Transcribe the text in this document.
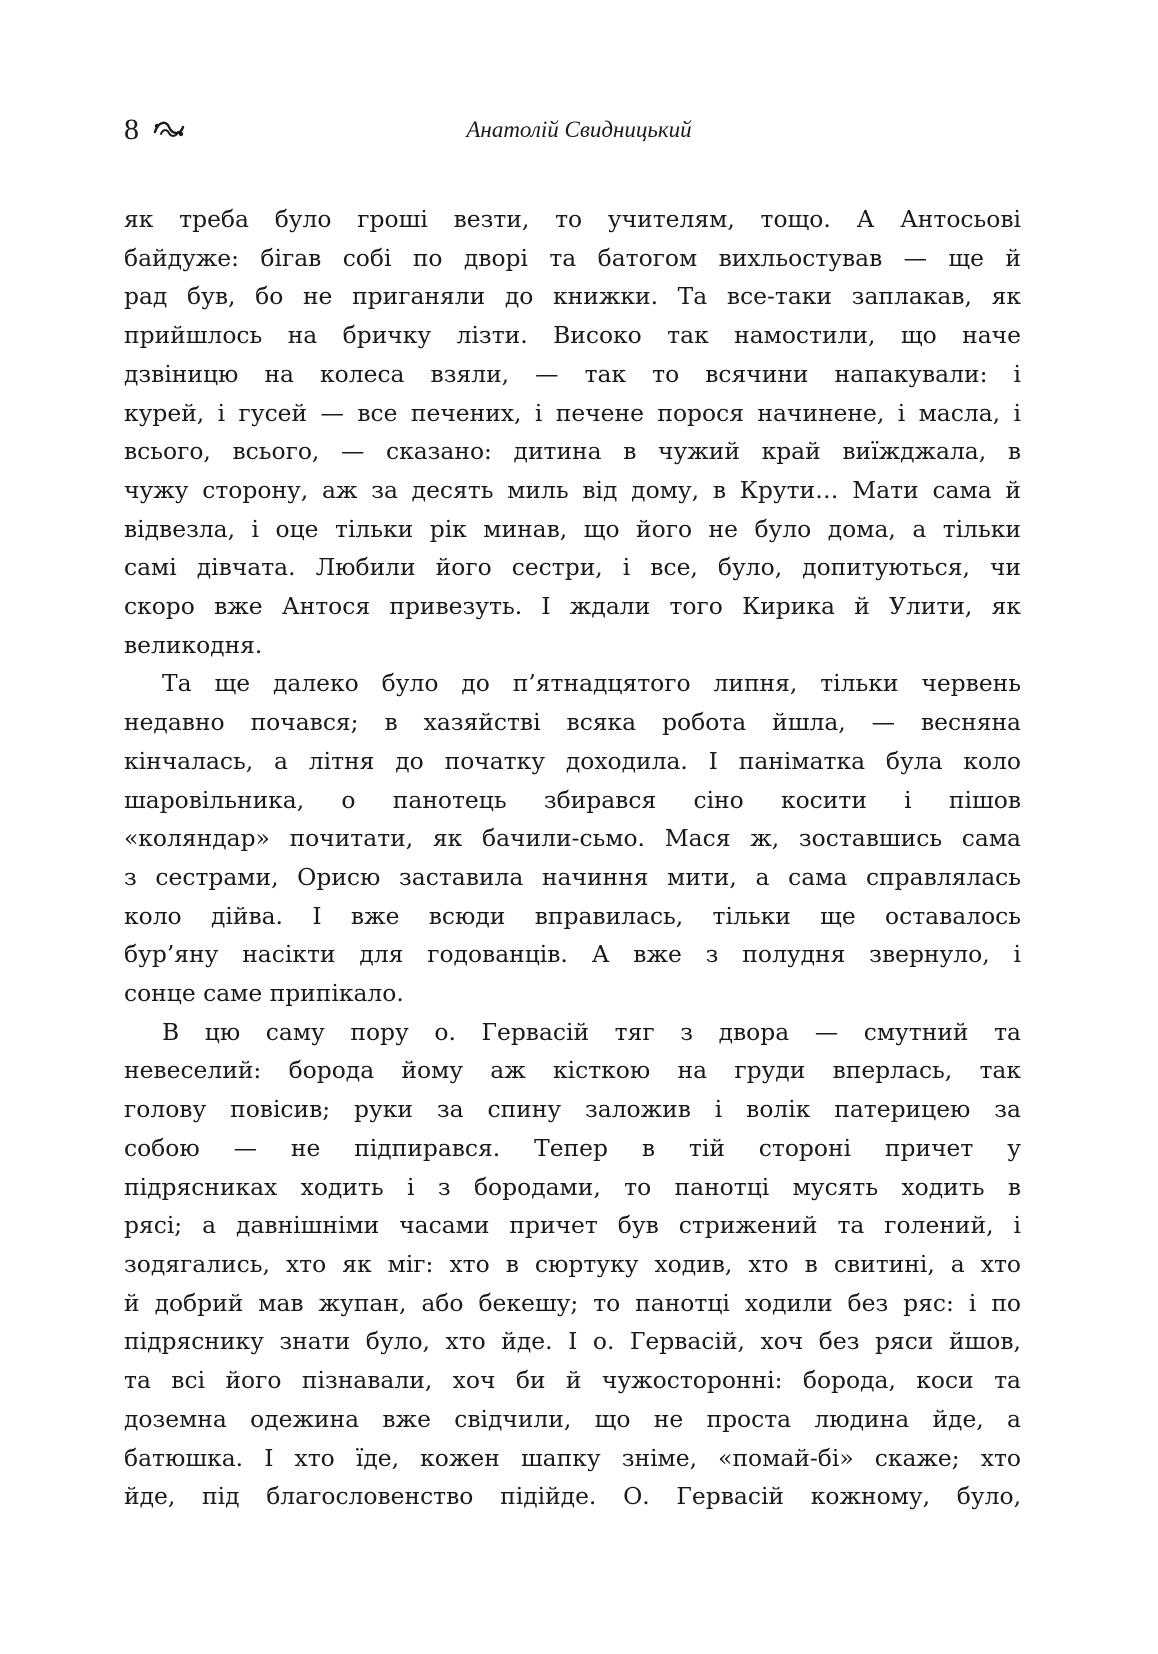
8	Анатолій Свидницький

як треба було гроші везти, то учителям, тощо. А Антосьові
байдуже: бігав собі по дворі та батогом вихльостував — ще й
рад був, бо не приганяли до книжки. Та все-таки заплакав, як
прийшлось на бричку лізти. Високо так намостили, що наче
дзвіницю на колеса взяли, — так то всячини напакували: і
курей, і гусей — все печених, і печене порося начинене, і масла, і
всього, всього, — сказано: дитина в чужий край виїжджала, в
чужу сторону, аж за десять миль від дому, в Крути… Мати сама й
відвезла, і оце тільки рік минав, що його не було дома, а тільки
самі дівчата. Любили його сестри, і все, було, допитуються, чи
скоро вже Антося привезуть. І ждали того Кирика й Улити, як
великодня.

Та ще далеко було до п’ятнадцятого липня, тільки червень
недавно почався; в хазяйстві всяка робота йшла, — весняна
кінчалась, а літня до початку доходила. І паніматка була коло
шаровільника, о панотець збирався сіно косити і пішов
«коляндар» почитати, як бачили-сьмо. Мася ж, зоставшись сама
з сестрами, Орисю заставила начиння мити, а сама справлялась
коло дійва. І вже всюди вправилась, тільки ще оставалось
бур’яну насікти для годованців. А вже з полудня звернуло, і
сонце саме припікало.

В цю саму пору о. Гервасій тяг з двора — смутний та
невеселий: борода йому аж кісткою на груди вперлась, так
голову повісив; руки за спину заложив і волік патерицею за
собою — не підпирався. Тепер в тій стороні причет у
підрясниках ходить і з бородами, то панотці мусять ходить в
рясі; а давнішніми часами причет був стрижений та голений, і
зодягались, хто як міг: хто в сюртуку ходив, хто в свитині, а хто
й добрий мав жупан, або бекешу; то панотці ходили без ряс: і по
підряснику знати було, хто йде. І о. Гервасій, хоч без ряси йшов,
та всі його пізнавали, хоч би й чужосторонні: борода, коси та
доземна одежина вже свідчили, що не проста людина йде, а
батюшка. І хто їде, кожен шапку зніме, «помай-бі» скаже; хто
йде, під благословенство підійде. О. Гервасій кожному, було,
